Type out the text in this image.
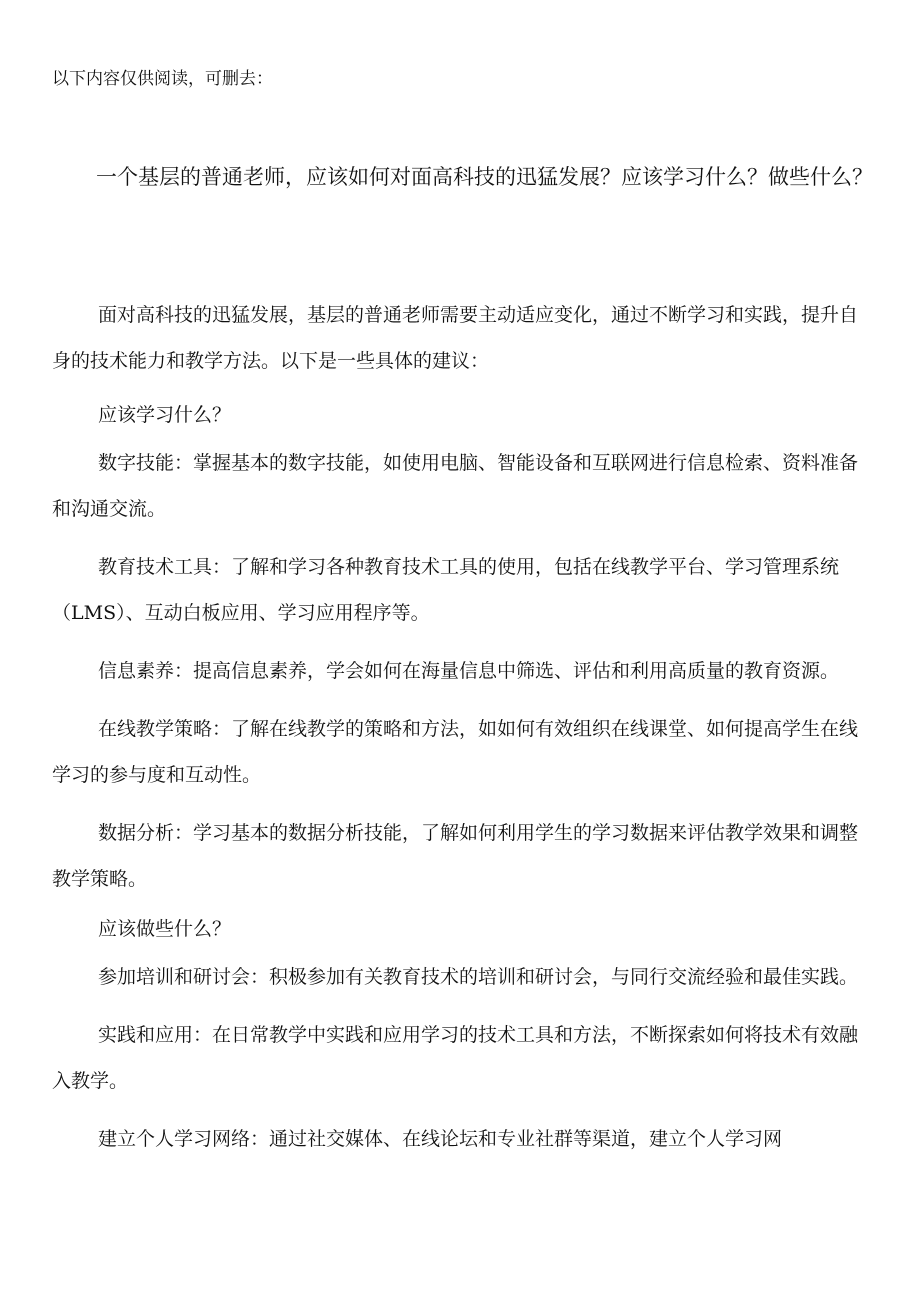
以下内容仅供阅读，可删去：
一个基层的普通老师，应该如何对面高科技的迅猛发展？应该学习什么？做些什么？

面对高科技的迅猛发展，基层的普通老师需要主动适应变化，通过不断学习和实践，提升自身的技术能力和教学方法。以下是一些具体的建议：

应该学习什么？

数字技能：掌握基本的数字技能，如使用电脑、智能设备和互联网进行信息检索、资料准备和沟通交流。

教育技术工具：了解和学习各种教育技术工具的使用，包括在线教学平台、学习管理系统（LMS）、互动白板应用、学习应用程序等。

信息素养：提高信息素养，学会如何在海量信息中筛选、评估和利用高质量的教育资源。

在线教学策略：了解在线教学的策略和方法，如如何有效组织在线课堂、如何提高学生在线学习的参与度和互动性。

数据分析：学习基本的数据分析技能，了解如何利用学生的学习数据来评估教学效果和调整教学策略。

应该做些什么？

参加培训和研讨会：积极参加有关教育技术的培训和研讨会，与同行交流经验和最佳实践。

实践和应用：在日常教学中实践和应用学习的技术工具和方法，不断探索如何将技术有效融入教学。

建立个人学习网络：通过社交媒体、在线论坛和专业社群等渠道，建立个人学习网
